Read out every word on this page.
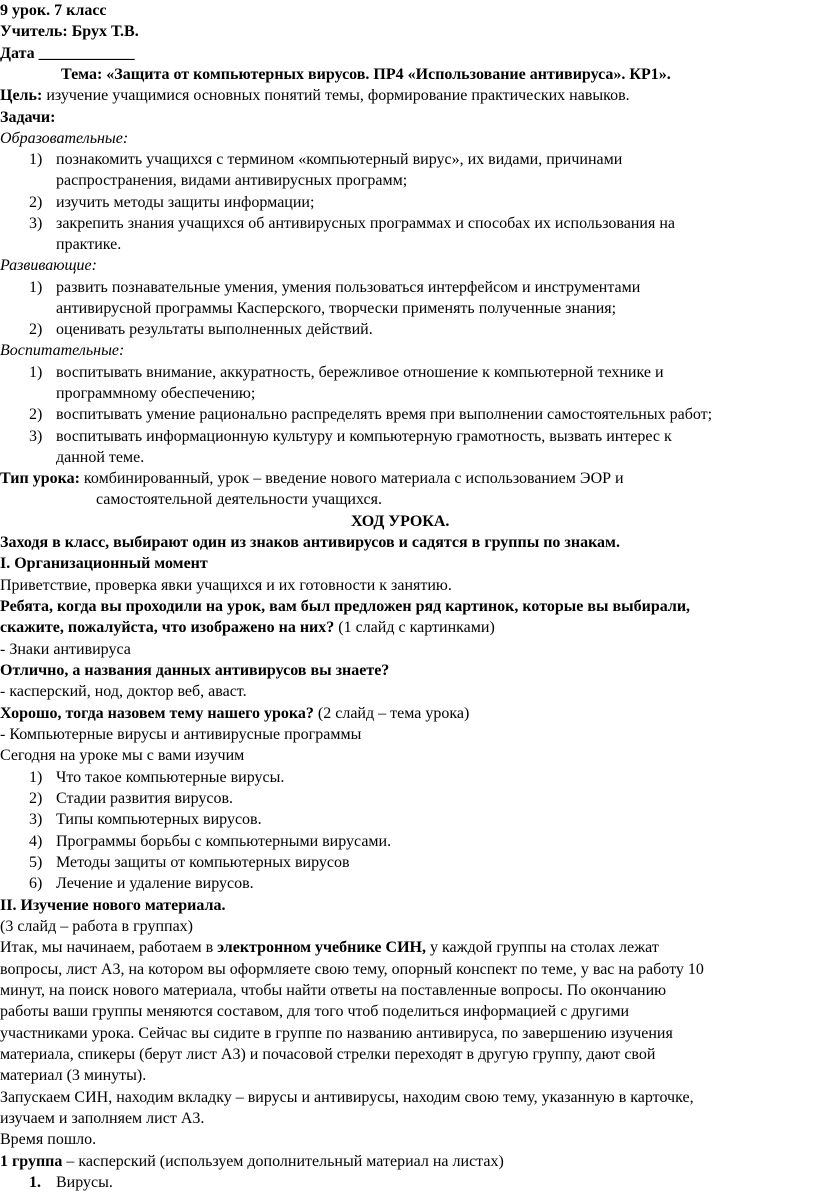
9 урок. 7 класс

Учитель: Брух Т.В.

Дата ____________

Тема: «Защита от компьютерных вирусов. ПР4 «Использование антивируса». КР1».

Цель: изучение учащимися основных понятий темы, формирование практических навыков.

Задачи:

Образовательные:

1) познакомить учащихся с термином «компьютерный вирус», их видами, причинами
распространения, видами антивирусных программ;
2) изучить методы защиты информации;
3) закрепить знания учащихся об антивирусных программах и способах их использования на
практике.

Развивающие:

1) развить познавательные умения, умения пользоваться интерфейсом и инструментами
антивирусной программы Касперского, творчески применять полученные знания;
2) оценивать результаты выполненных действий.

Воспитательные:

1) воспитывать внимание, аккуратность, бережливое отношение к компьютерной технике и
программному обеспечению;
2) воспитывать умение рационально распределять время при выполнении самостоятельных работ;
3) воспитывать информационную культуру и компьютерную грамотность, вызвать интерес к
данной теме.

Тип урока: комбинированный, урок – введение нового материала с использованием ЭОР и

самостоятельной деятельности учащихся.

ХОД УРОКА.

Заходя в класс, выбирают один из знаков антивирусов и садятся в группы по знакам.

I. Организационный момент

Приветствие, проверка явки учащихся и их готовности к занятию.

Ребята, когда вы проходили на урок, вам был предложен ряд картинок, которые вы выбирали,

скажите, пожалуйста, что изображено на них? (1 слайд с картинками)

- Знаки антивируса

Отлично, а названия данных антивирусов вы знаете?

- касперский, нод, доктор веб, аваст.

Хорошо, тогда назовем тему нашего урока? (2 слайд – тема урока)

- Компьютерные вирусы и антивирусные программы

Сегодня на уроке мы с вами изучим

1) Что такое компьютерные вирусы.
2) Стадии развития вирусов.
3) Типы компьютерных вирусов.
4) Программы борьбы с компьютерными вирусами.
5) Методы защиты от компьютерных вирусов
6) Лечение и удаление вирусов.

II. Изучение нового материала.

(3 слайд – работа в группах)

Итак, мы начинаем, работаем в электронном учебнике СИН, у каждой группы на столах лежат

вопросы, лист А3, на котором вы оформляете свою тему, опорный конспект по теме, у вас на работу 10

минут, на поиск нового материала, чтобы найти ответы на поставленные вопросы. По окончанию

работы ваши группы меняются составом, для того чтоб поделиться информацией с другими

участниками урока. Сейчас вы сидите в группе по названию антивируса, по завершению изучения

материала, спикеры (берут лист А3) и почасовой стрелки переходят в другую группу, дают свой

материал (3 минуты).

Запускаем СИН, находим вкладку – вирусы и антивирусы, находим свою тему, указанную в карточке,

изучаем и заполняем лист А3.

Время пошло.

1 группа – касперский (используем дополнительный материал на листах)

1. Вирусы.
